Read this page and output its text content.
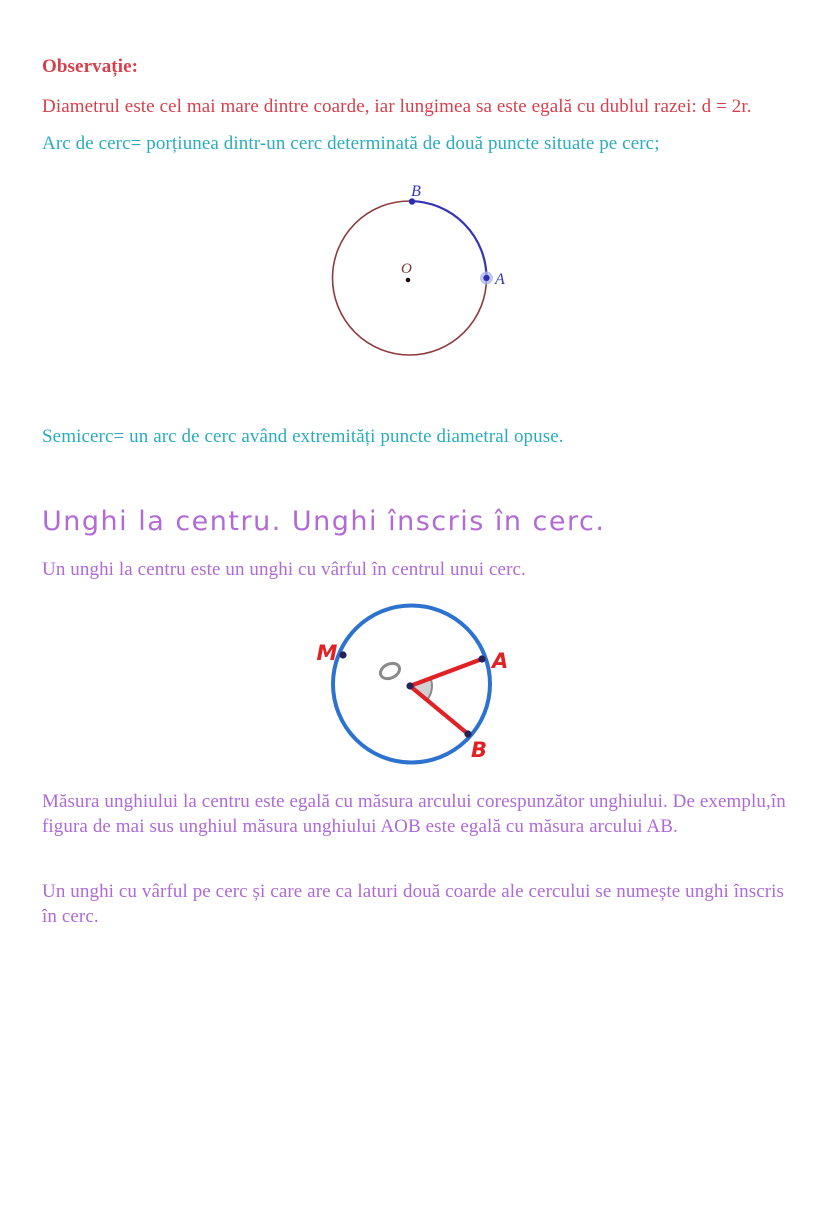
Observație:
Diametrul este cel mai mare dintre coarde, iar lungimea sa este egală cu dublul razei: d = 2r.
Arc de cerc= porțiunea dintr-un cerc determinată de două puncte situate pe cerc;
B
A
O
Semicerc= un arc de cerc având extremități puncte diametral opuse.
Unghi la centru. Unghi înscris în cerc.
Un unghi la centru este un unghi cu vârful în centrul unui cerc.
M	A
B
Măsura unghiului la centru este egală cu măsura arcului corespunzător unghiului. De exemplu,în figura de mai sus unghiul măsura unghiului AOB este egală cu măsura arcului AB.
Un unghi cu vârful pe cerc și care are ca laturi două coarde ale cercului se numește unghi înscris în cerc.
